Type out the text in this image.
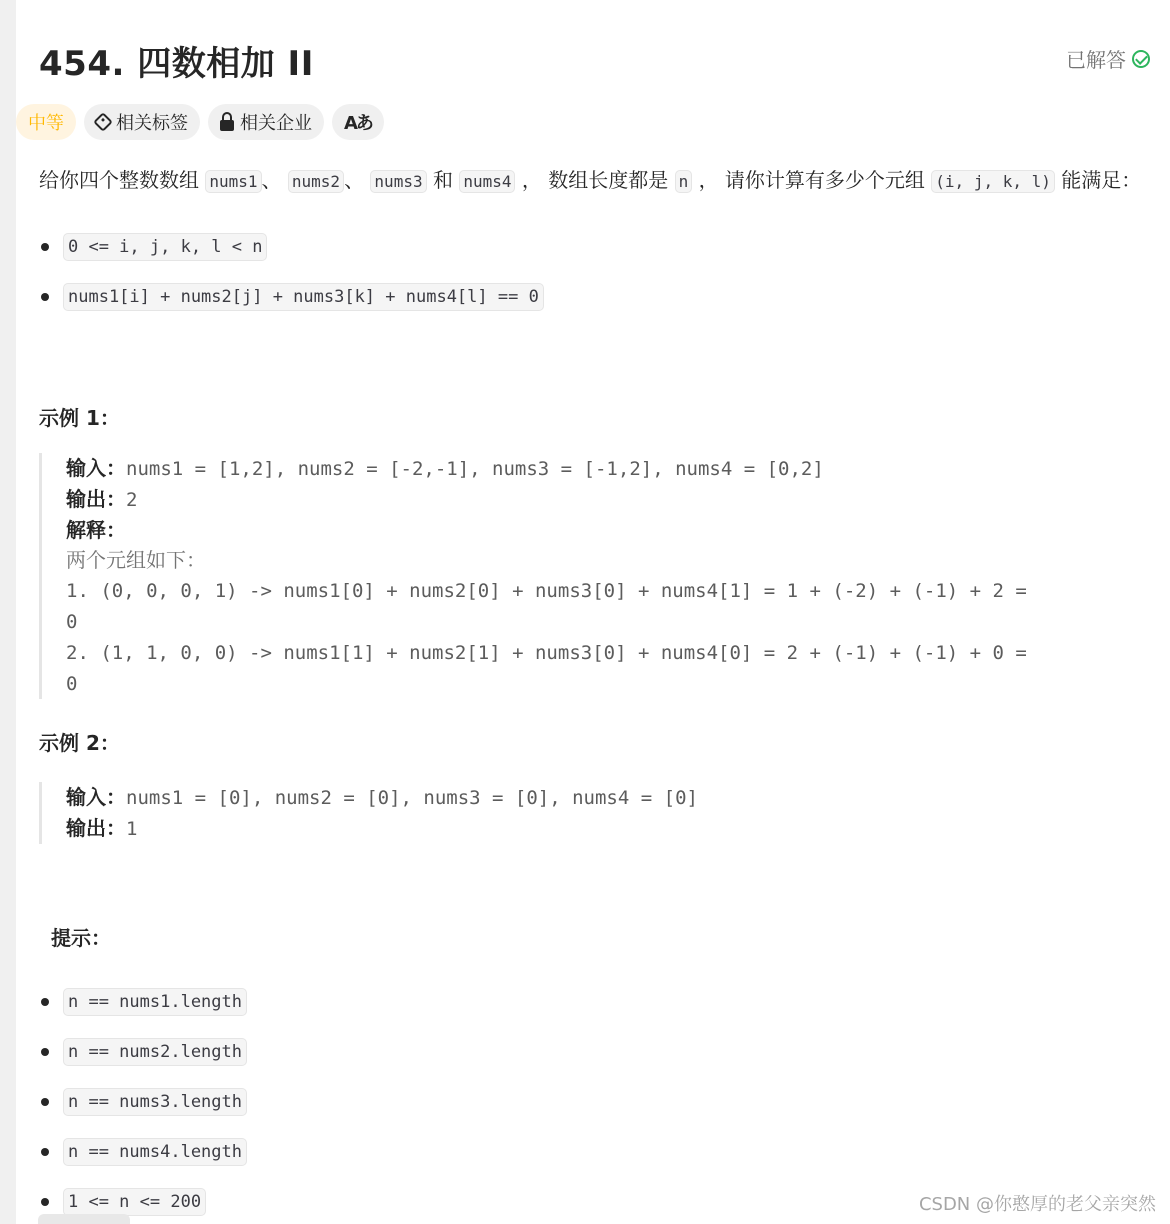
454. 四数相加 II	已解答
中等	相关标签	相关企业 Aあ

给你四个整数数组 nums1 、 nums2 、 nums3 和 nums4 ， 数组长度都是 n ， 请你计算有多少个元组 (i, j, k, l) 能满足：

0 <= i, j, k, l < n
nums1[i] + nums2[j] + nums3[k] + nums4[l] == 0
示例 1：
输入：nums1 = [1,2], nums2 = [-2,-1], nums3 = [-1,2], nums4 = [0,2]
输出：2
解释：
两个元组如下：
1. (0, 0, 0, 1) -> nums1[0] + nums2[0] + nums3[0] + nums4[1] = 1 + (-2) + (-1) + 2 =
0
2. (1, 1, 0, 0) -> nums1[1] + nums2[1] + nums3[0] + nums4[0] = 2 + (-1) + (-1) + 0 =
0
示例 2：
输入：nums1 = [0], nums2 = [0], nums3 = [0], nums4 = [0]
输出：1
提示：
n == nums1.length
n == nums2.length
n == nums3.length
n == nums4.length
1 <= n <= 200	CSDN @你憨厚的老父亲突然
